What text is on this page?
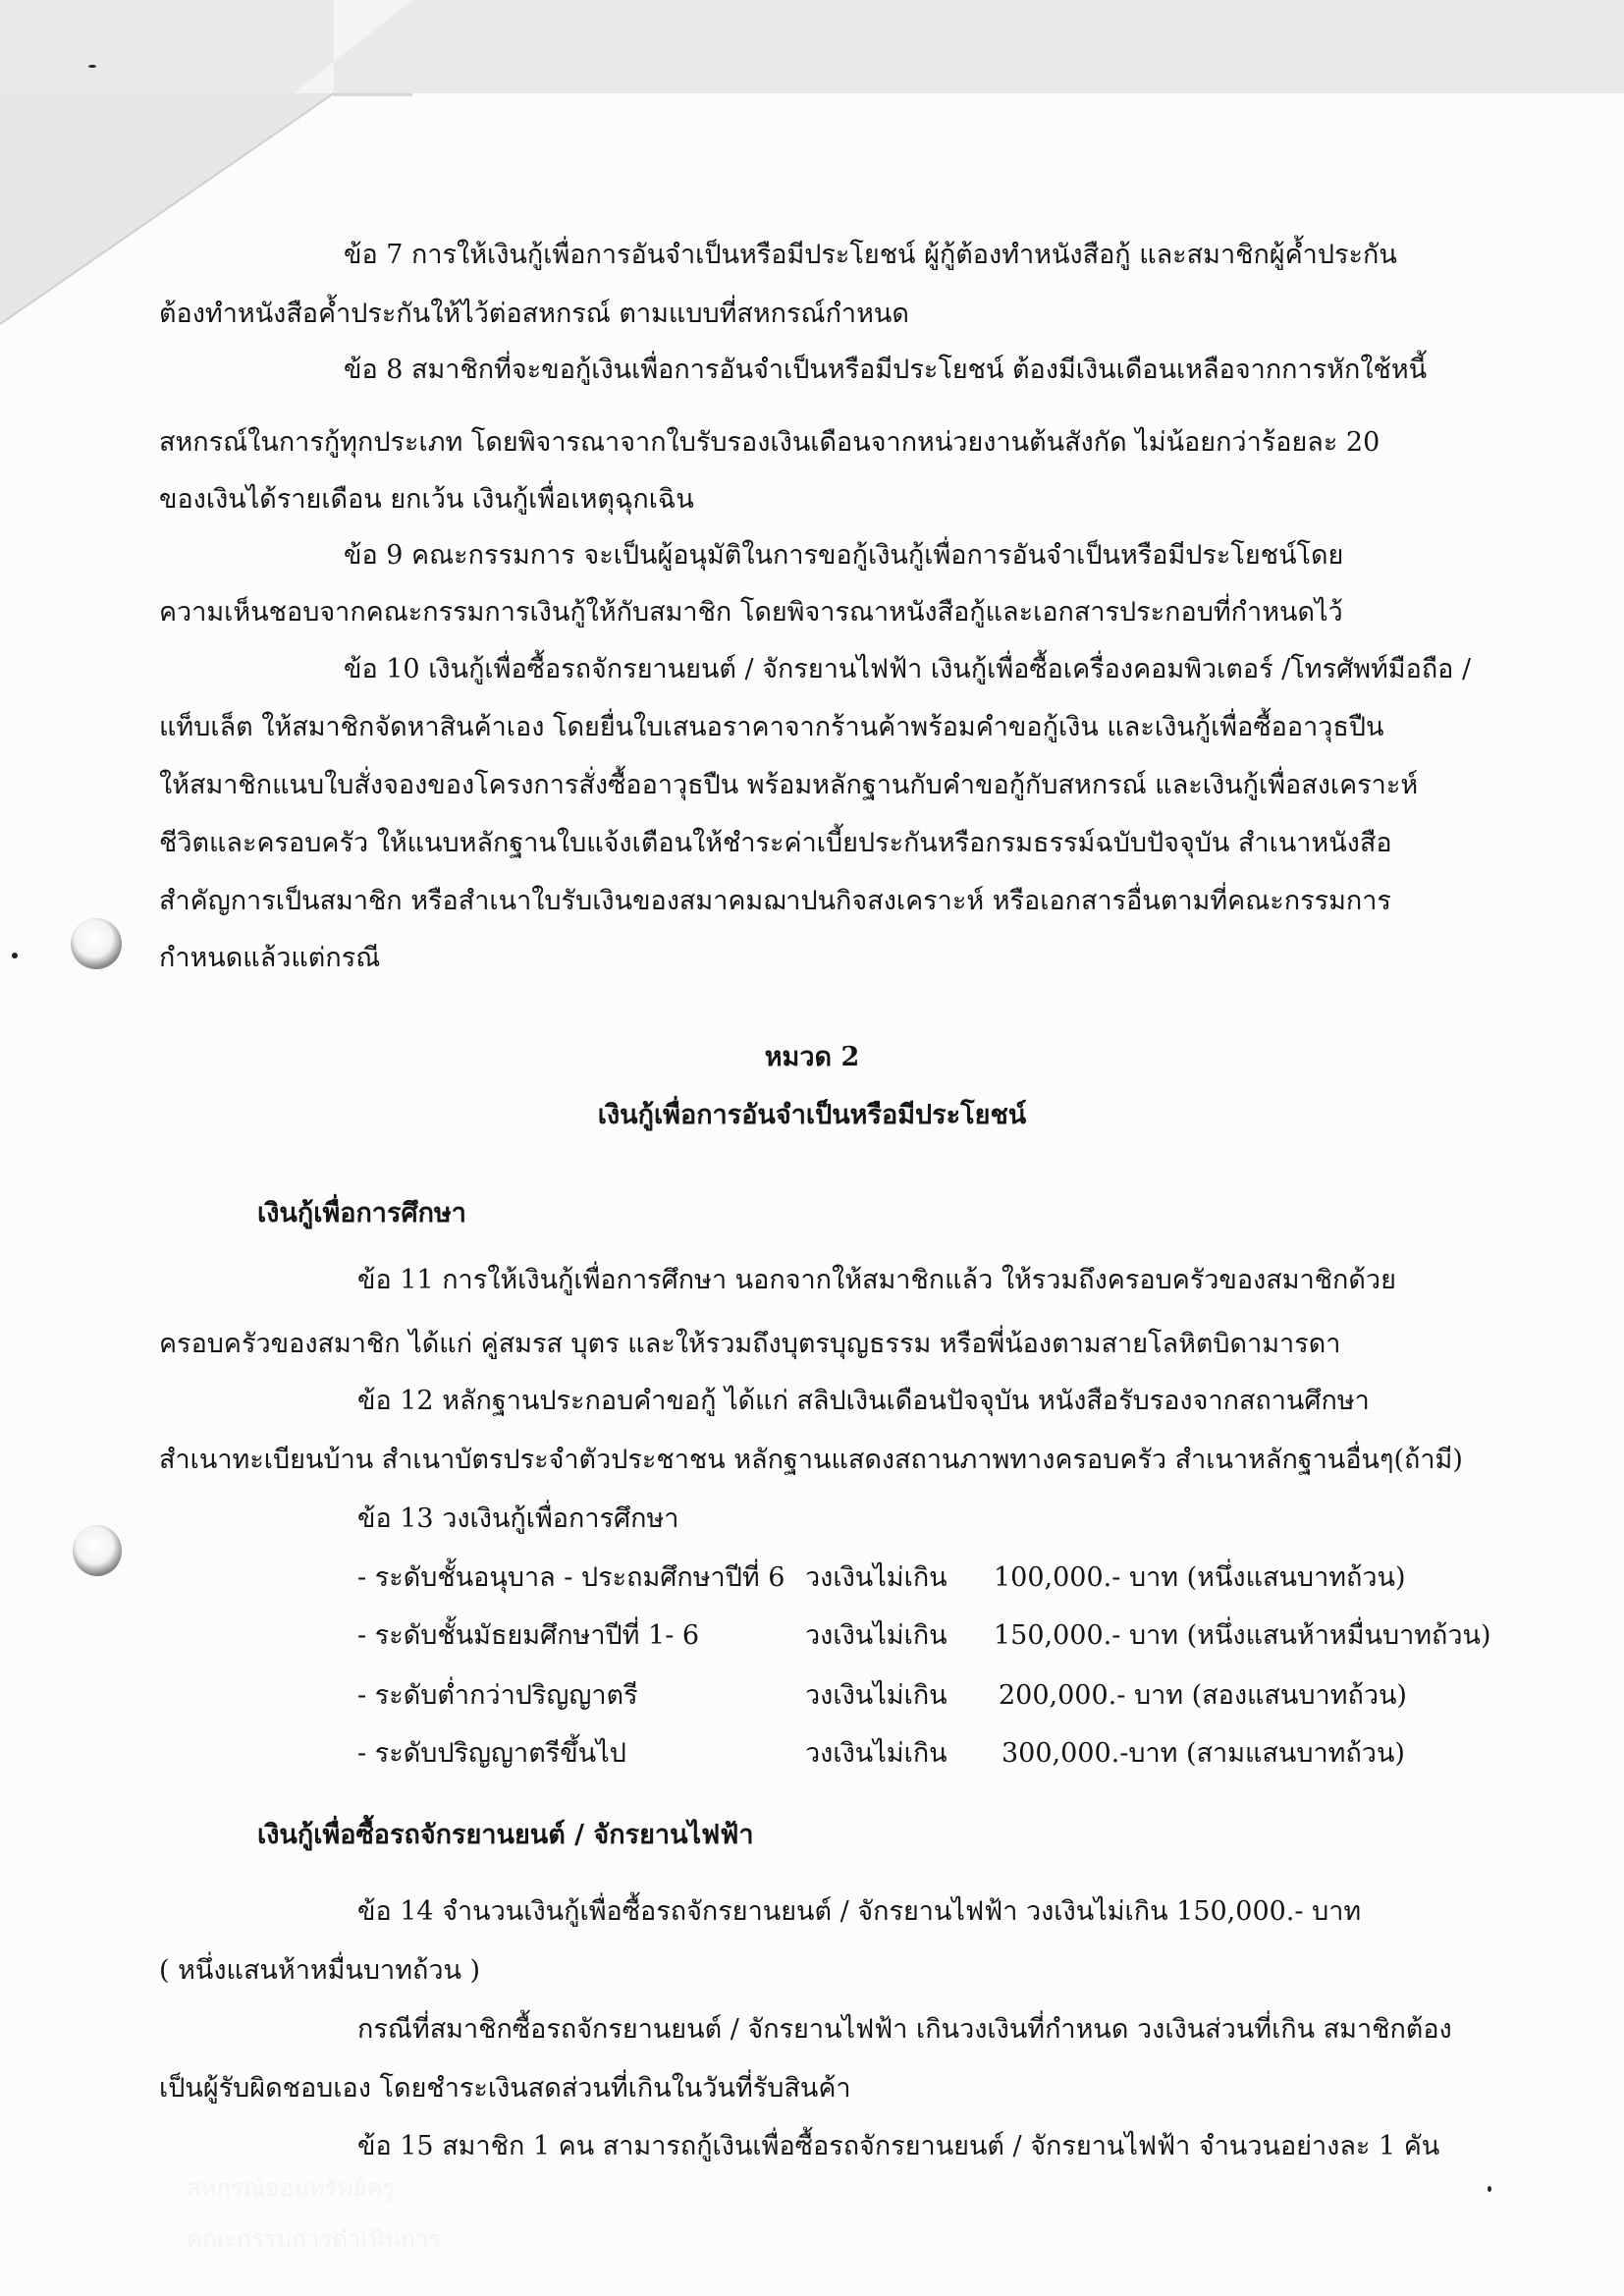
ข้อ 7 การให้เงินกู้เพื่อการอันจำเป็นหรือมีประโยชน์ ผู้กู้ต้องทำหนังสือกู้ และสมาชิกผู้ค้ำประกัน
ต้องทำหนังสือค้ำประกันให้ไว้ต่อสหกรณ์ ตามแบบที่สหกรณ์กำหนด
ข้อ 8 สมาชิกที่จะขอกู้เงินเพื่อการอันจำเป็นหรือมีประโยชน์ ต้องมีเงินเดือนเหลือจากการหักใช้หนี้
สหกรณ์ในการกู้ทุกประเภท โดยพิจารณาจากใบรับรองเงินเดือนจากหน่วยงานต้นสังกัด ไม่น้อยกว่าร้อยละ 20
ของเงินได้รายเดือน ยกเว้น เงินกู้เพื่อเหตุฉุกเฉิน
ข้อ 9 คณะกรรมการ จะเป็นผู้อนุมัติในการขอกู้เงินกู้เพื่อการอันจำเป็นหรือมีประโยชน์โดย
ความเห็นชอบจากคณะกรรมการเงินกู้ให้กับสมาชิก โดยพิจารณาหนังสือกู้และเอกสารประกอบที่กำหนดไว้
ข้อ 10 เงินกู้เพื่อซื้อรถจักรยานยนต์ / จักรยานไฟฟ้า เงินกู้เพื่อซื้อเครื่องคอมพิวเตอร์ /โทรศัพท์มือถือ /
แท็บเล็ต ให้สมาชิกจัดหาสินค้าเอง โดยยื่นใบเสนอราคาจากร้านค้าพร้อมคำขอกู้เงิน และเงินกู้เพื่อซื้ออาวุธปืน
ให้สมาชิกแนบใบสั่งจองของโครงการสั่งซื้ออาวุธปืน พร้อมหลักฐานกับคำขอกู้กับสหกรณ์ และเงินกู้เพื่อสงเคราะห์
ชีวิตและครอบครัว ให้แนบหลักฐานใบแจ้งเตือนให้ชำระค่าเบี้ยประกันหรือกรมธรรม์ฉบับปัจจุบัน สำเนาหนังสือ
สำคัญการเป็นสมาชิก หรือสำเนาใบรับเงินของสมาคมฌาปนกิจสงเคราะห์ หรือเอกสารอื่นตามที่คณะกรรมการ
กำหนดแล้วแต่กรณี
หมวด 2
เงินกู้เพื่อการอันจำเป็นหรือมีประโยชน์
เงินกู้เพื่อการศึกษา
ข้อ 11 การให้เงินกู้เพื่อการศึกษา นอกจากให้สมาชิกแล้ว ให้รวมถึงครอบครัวของสมาชิกด้วย
ครอบครัวของสมาชิก ได้แก่ คู่สมรส บุตร และให้รวมถึงบุตรบุญธรรม หรือพี่น้องตามสายโลหิตบิดามารดา
ข้อ 12 หลักฐานประกอบคำขอกู้ ได้แก่ สลิปเงินเดือนปัจจุบัน หนังสือรับรองจากสถานศึกษา
สำเนาทะเบียนบ้าน สำเนาบัตรประจำตัวประชาชน หลักฐานแสดงสถานภาพทางครอบครัว สำเนาหลักฐานอื่นๆ(ถ้ามี)
ข้อ 13 วงเงินกู้เพื่อการศึกษา
- ระดับชั้นอนุบาล - ประถมศึกษาปีที่ 6 วงเงินไม่เกิน 100,000.- บาท (หนึ่งแสนบาทถ้วน)
- ระดับชั้นมัธยมศึกษาปีที่ 1- 6	วงเงินไม่เกิน 150,000.- บาท (หนึ่งแสนห้าหมื่นบาทถ้วน)
- ระดับต่ำกว่าปริญญาตรี	วงเงินไม่เกิน 200,000.- บาท (สองแสนบาทถ้วน)
- ระดับปริญญาตรีขึ้นไป	วงเงินไม่เกิน 300,000.-บาท (สามแสนบาทถ้วน)
เงินกู้เพื่อซื้อรถจักรยานยนต์ / จักรยานไฟฟ้า
ข้อ 14 จำนวนเงินกู้เพื่อซื้อรถจักรยานยนต์ / จักรยานไฟฟ้า วงเงินไม่เกิน 150,000.- บาท
( หนึ่งแสนห้าหมื่นบาทถ้วน )
กรณีที่สมาชิกซื้อรถจักรยานยนต์ / จักรยานไฟฟ้า เกินวงเงินที่กำหนด วงเงินส่วนที่เกิน สมาชิกต้อง
เป็นผู้รับผิดชอบเอง โดยชำระเงินสดส่วนที่เกินในวันที่รับสินค้า
ข้อ 15 สมาชิก 1 คน สามารถกู้เงินเพื่อซื้อรถจักรยานยนต์ / จักรยานไฟฟ้า จำนวนอย่างละ 1 คัน
สหกรณ์ออมทรัพย์ครู
คณะกรรมการดำเนินการ
